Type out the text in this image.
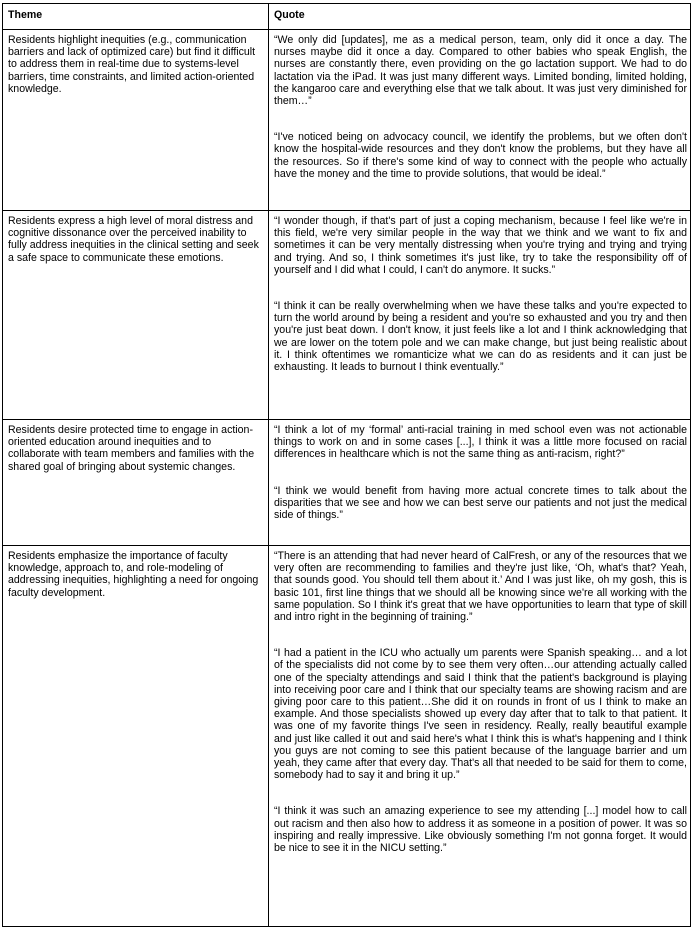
Theme	Quote
Residents highlight inequities (e.g., communication barriers and lack of optimized care) but find it difficult to address them in real-time due to systems-level barriers, time constraints, and limited action-oriented knowledge.

“We only did [updates], me as a medical person, team, only did it once a day. The nurses maybe did it once a day. Compared to other babies who speak English, the nurses are constantly there, even providing on the go lactation support. We had to do lactation via the iPad. It was just many different ways. Limited bonding, limited holding, the kangaroo care and everything else that we talk about. It was just very diminished for them…”

“I've noticed being on advocacy council, we identify the problems, but we often don't know the hospital-wide resources and they don't know the problems, but they have all the resources. So if there's some kind of way to connect with the people who actually have the money and the time to provide solutions, that would be ideal.”

Residents express a high level of moral distress and cognitive dissonance over the perceived inability to fully address inequities in the clinical setting and seek a safe space to communicate these emotions.

“I wonder though, if that's part of just a coping mechanism, because I feel like we're in this field, we're very similar people in the way that we think and we want to fix and sometimes it can be very mentally distressing when you're trying and trying and trying and trying. And so, I think sometimes it's just like, try to take the responsibility off of yourself and I did what I could, I can't do anymore. It sucks.”

“I think it can be really overwhelming when we have these talks and you're expected to turn the world around by being a resident and you're so exhausted and you try and then you're just beat down. I don't know, it just feels like a lot and I think acknowledging that we are lower on the totem pole and we can make change, but just being realistic about it. I think oftentimes we romanticize what we can do as residents and it can just be exhausting. It leads to burnout I think eventually.”

Residents desire protected time to engage in action-oriented education around inequities and to collaborate with team members and families with the shared goal of bringing about systemic changes.

“I think a lot of my ‘formal’ anti-racial training in med school even was not actionable things to work on and in some cases [...], I think it was a little more focused on racial differences in healthcare which is not the same thing as anti-racism, right?”

“I think we would benefit from having more actual concrete times to talk about the disparities that we see and how we can best serve our patients and not just the medical side of things.”

Residents emphasize the importance of faculty knowledge, approach to, and role-modeling of addressing inequities, highlighting a need for ongoing faculty development.

“There is an attending that had never heard of CalFresh, or any of the resources that we very often are recommending to families and they're just like, ‘Oh, what's that? Yeah, that sounds good. You should tell them about it.’ And I was just like, oh my gosh, this is basic 101, first line things that we should all be knowing since we're all working with the same population. So I think it's great that we have opportunities to learn that type of skill and intro right in the beginning of training.”

“I had a patient in the ICU who actually um parents were Spanish speaking… and a lot of the specialists did not come by to see them very often…our attending actually called one of the specialty attendings and said I think that the patient's background is playing into receiving poor care and I think that our specialty teams are showing racism and are giving poor care to this patient…She did it on rounds in front of us I think to make an example. And those specialists showed up every day after that to talk to that patient. It was one of my favorite things I've seen in residency. Really, really beautiful example and just like called it out and said here's what I think this is what's happening and I think you guys are not coming to see this patient because of the language barrier and um yeah, they came after that every day. That's all that needed to be said for them to come, somebody had to say it and bring it up.”

“I think it was such an amazing experience to see my attending [...] model how to call out racism and then also how to address it as someone in a position of power. It was so inspiring and really impressive. Like obviously something I'm not gonna forget. It would be nice to see it in the NICU setting.”
